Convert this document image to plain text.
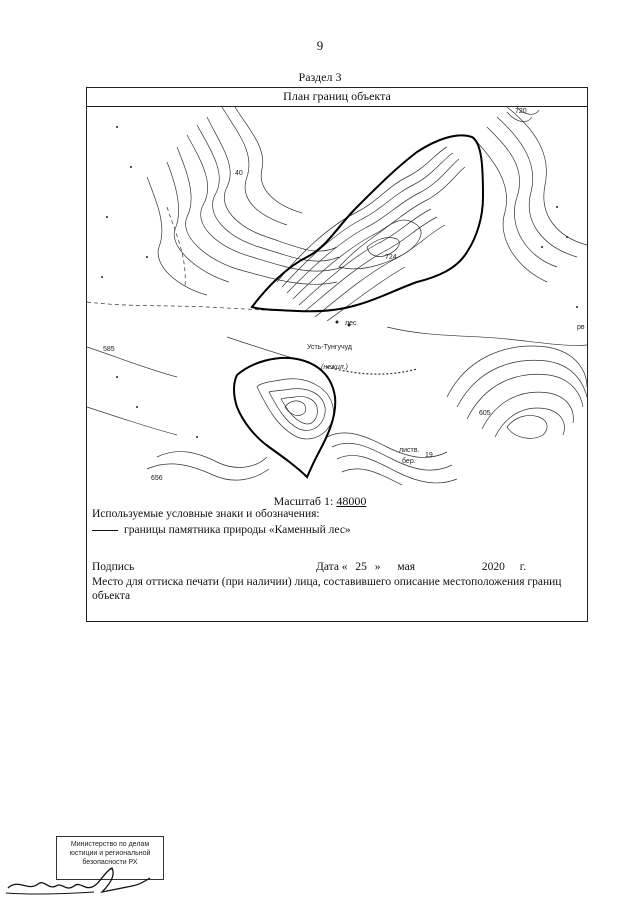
9
Раздел 3
План границ объекта
40
720
724
585
лес
Усть-Тунгучуд
(нежил.)
рв
605
листв.
бер.
19
656
Масштаб 1: 48000
Используемые условные знаки и обозначения:
границы памятника природы «Каменный лес»
Подпись	Дата « 25 » мая	2020 г.
Место для оттиска печати (при наличии) лица, составившего описание местоположения границ объекта
Министерство по делам
юстиции и региональной
безопасности РХ
